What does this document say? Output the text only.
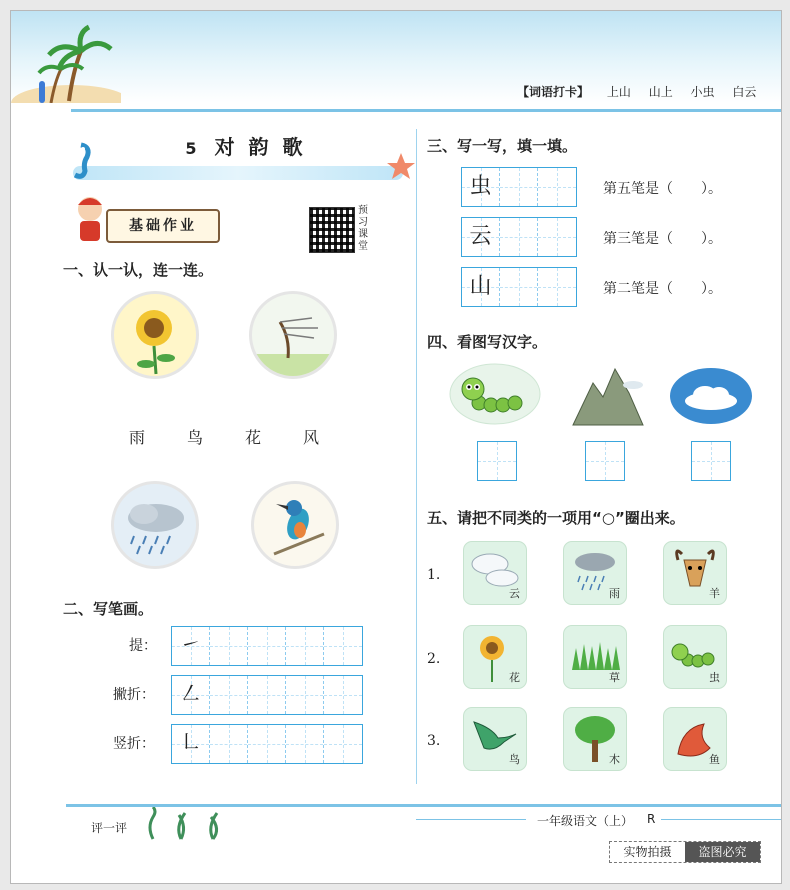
【词语打卡】 上山 山上 小虫 白云
5 对韵歌
基础作业
预习课堂
一、认一认，连一连。
雨	鸟	花	风
二、写笔画。
提：	㇀
撇折：	㇜
竖折：	㇗
三、写一写，填一填。
虫	第五笔是（　　）。
云	第三笔是（　　）。
山	第二笔是（　　）。
四、看图写汉字。
五、请把不同类的一项用“○”圈出来。
1.
云	雨	羊
2.
花	草	虫
3.
鸟	木	鱼
评一评	一年级语文（上） R
实物拍摄	盗图必究
